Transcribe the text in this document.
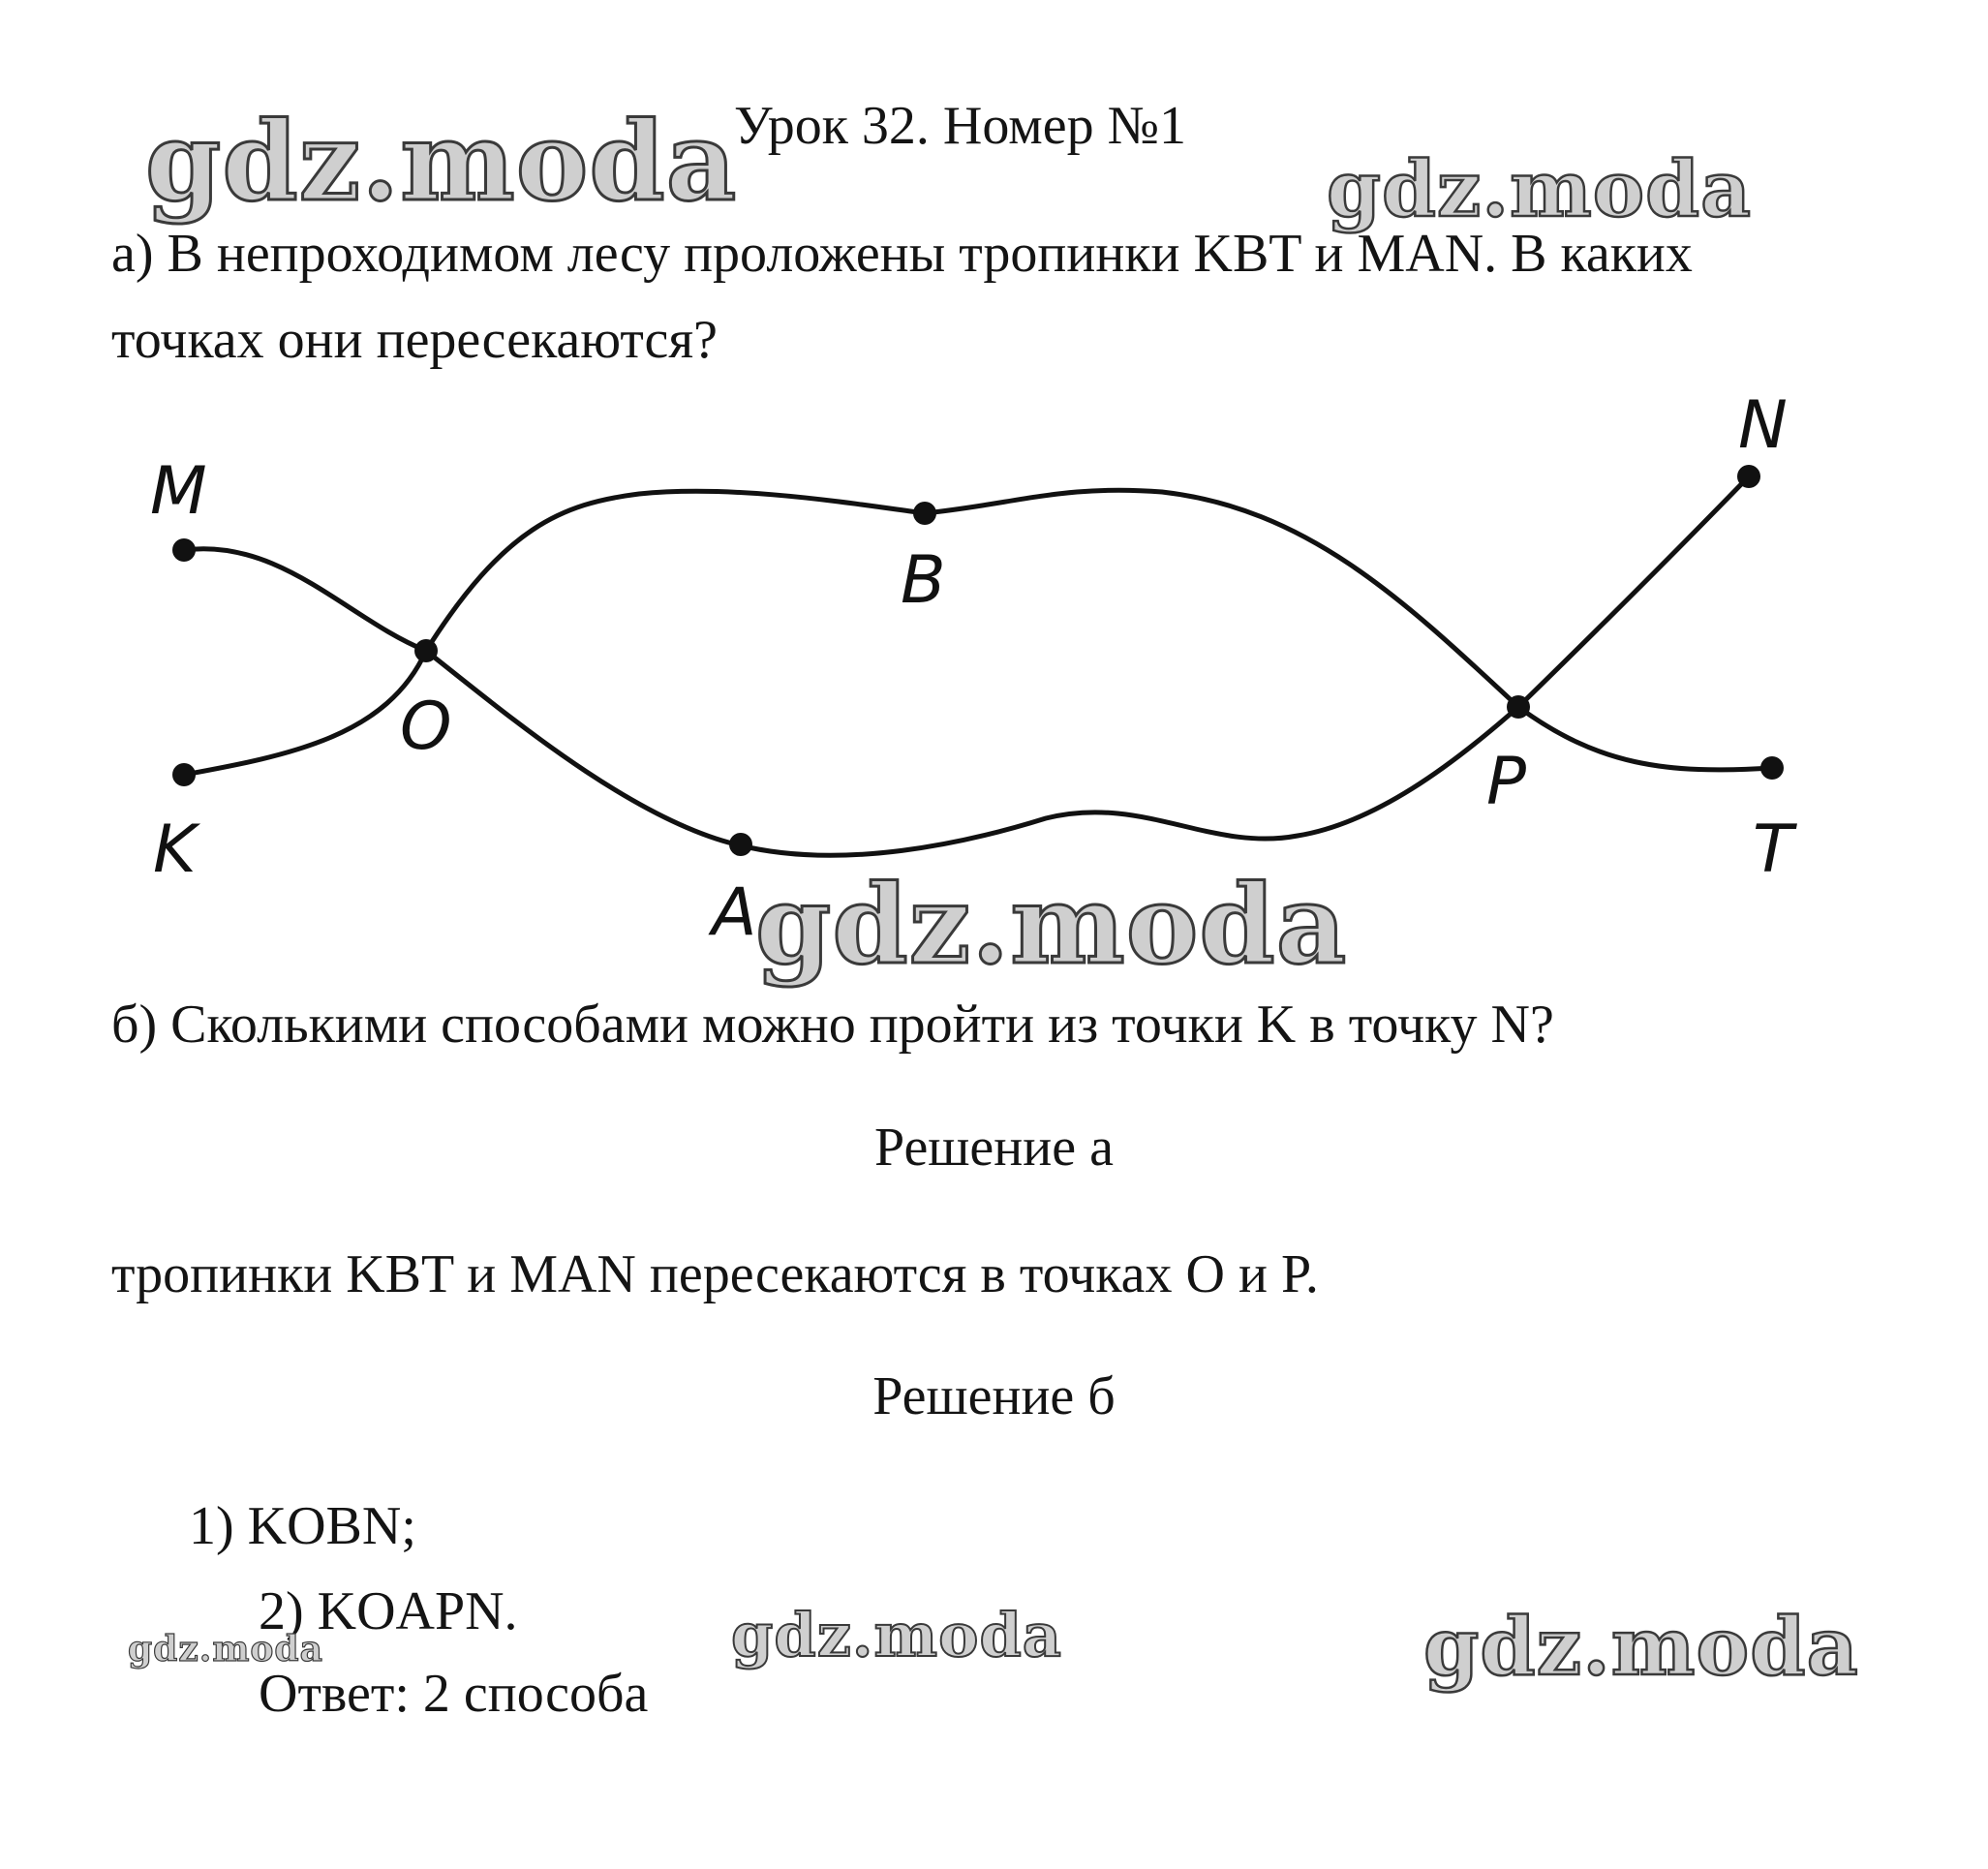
Урок 32. Номер №1
а) В непроходимом лесу проложены тропинки KBT и MAN. В каких
точках они пересекаются?
M
N
B
O
P
K
A
T
б) Сколькими способами можно пройти из точки K в точку N?
Решение а
тропинки KBT и MAN пересекаются в точках O и P.
Решение б
1) KOBN;
2) KOAPN.
Ответ: 2 способа
gdz.moda	gdz.moda
gdz.moda
gdz.moda	gdz.moda	gdz.moda
